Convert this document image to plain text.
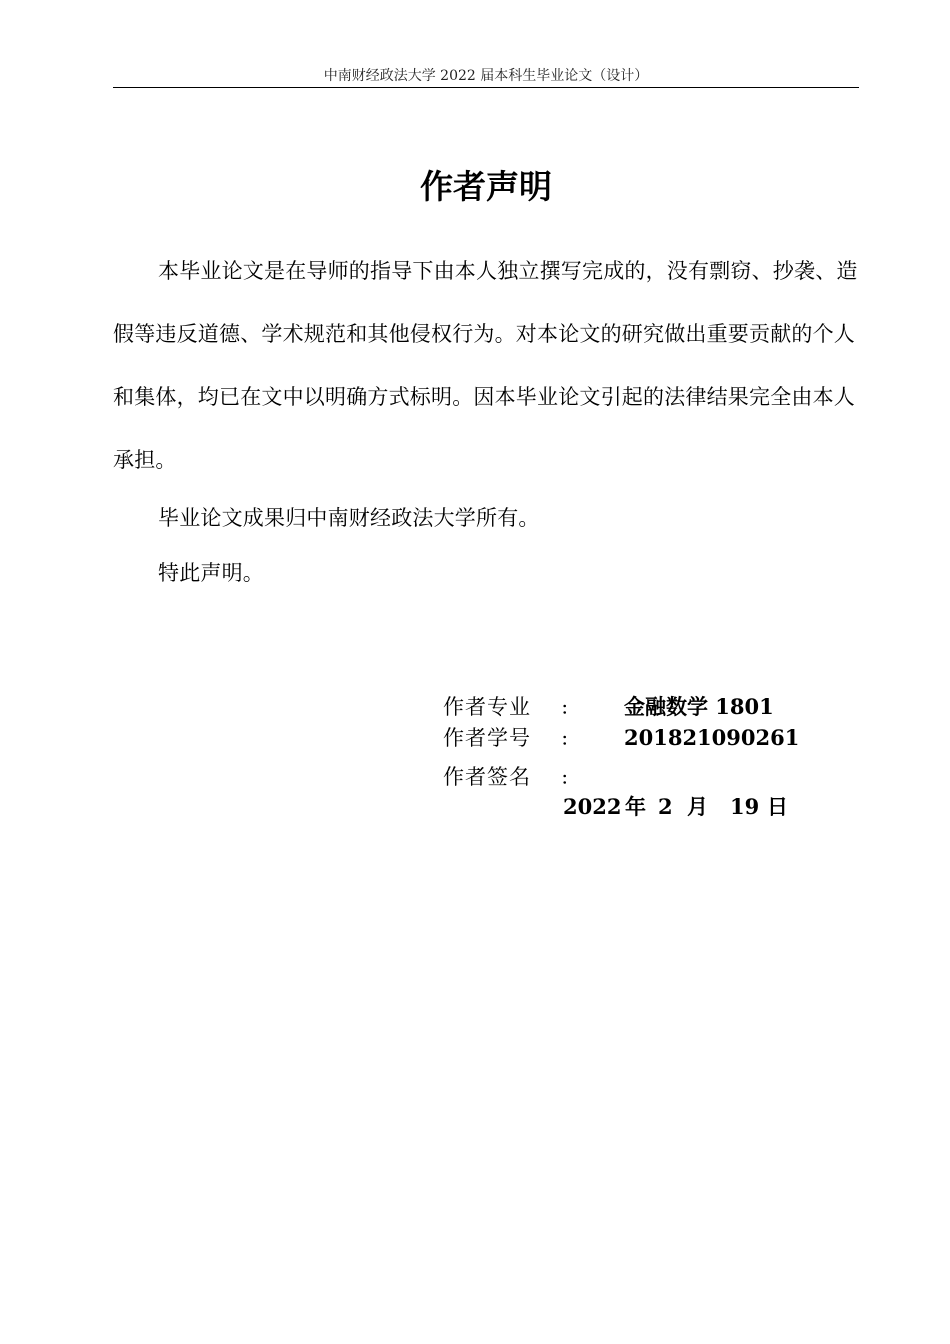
中南财经政法大学 2022 届本科生毕业论文（设计）
作者声明

本毕业论文是在导师的指导下由本人独立撰写完成的，没有剽窃、抄袭、造假等违反道德、学术规范和其他侵权行为。对本论文的研究做出重要贡献的个人和集体，均已在文中以明确方式标明。因本毕业论文引起的法律结果完全由本人承担。

毕业论文成果归中南财经政法大学所有。

特此声明。

作者专业 ： 金融数学 1801
作者学号 ： 201821090261
作者签名 ：
2022 年 2 月 19 日
